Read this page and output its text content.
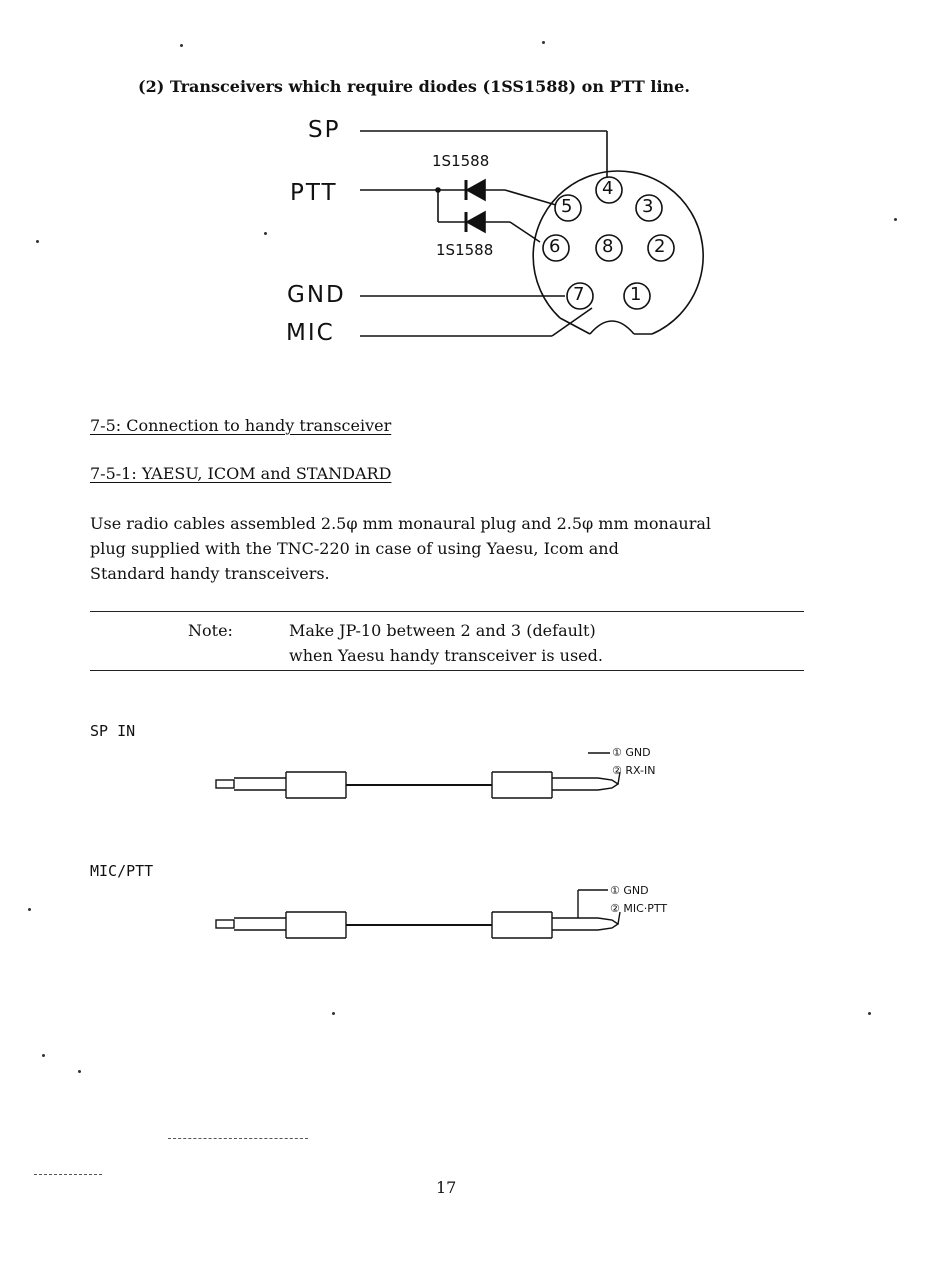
(2) Transceivers which require diodes (1SS1588) on PTT line.
SP
PTT
GND
MIC
1S1588
1S1588
1
2
3
4
5
6
7
8
7-5: Connection to handy transceiver
7-5-1: YAESU, ICOM and STANDARD
Use radio cables assembled 2.5φ mm monaural plug and 2.5φ mm monaural
plug supplied with the TNC-220 in case of using Yaesu, Icom and
Standard handy transceivers.
Note:	Make JP-10 between 2 and 3 (default)
when Yaesu handy transceiver is used.
SP IN
① GND
② RX-IN
MIC/PTT
① GND
② MIC·PTT
17
